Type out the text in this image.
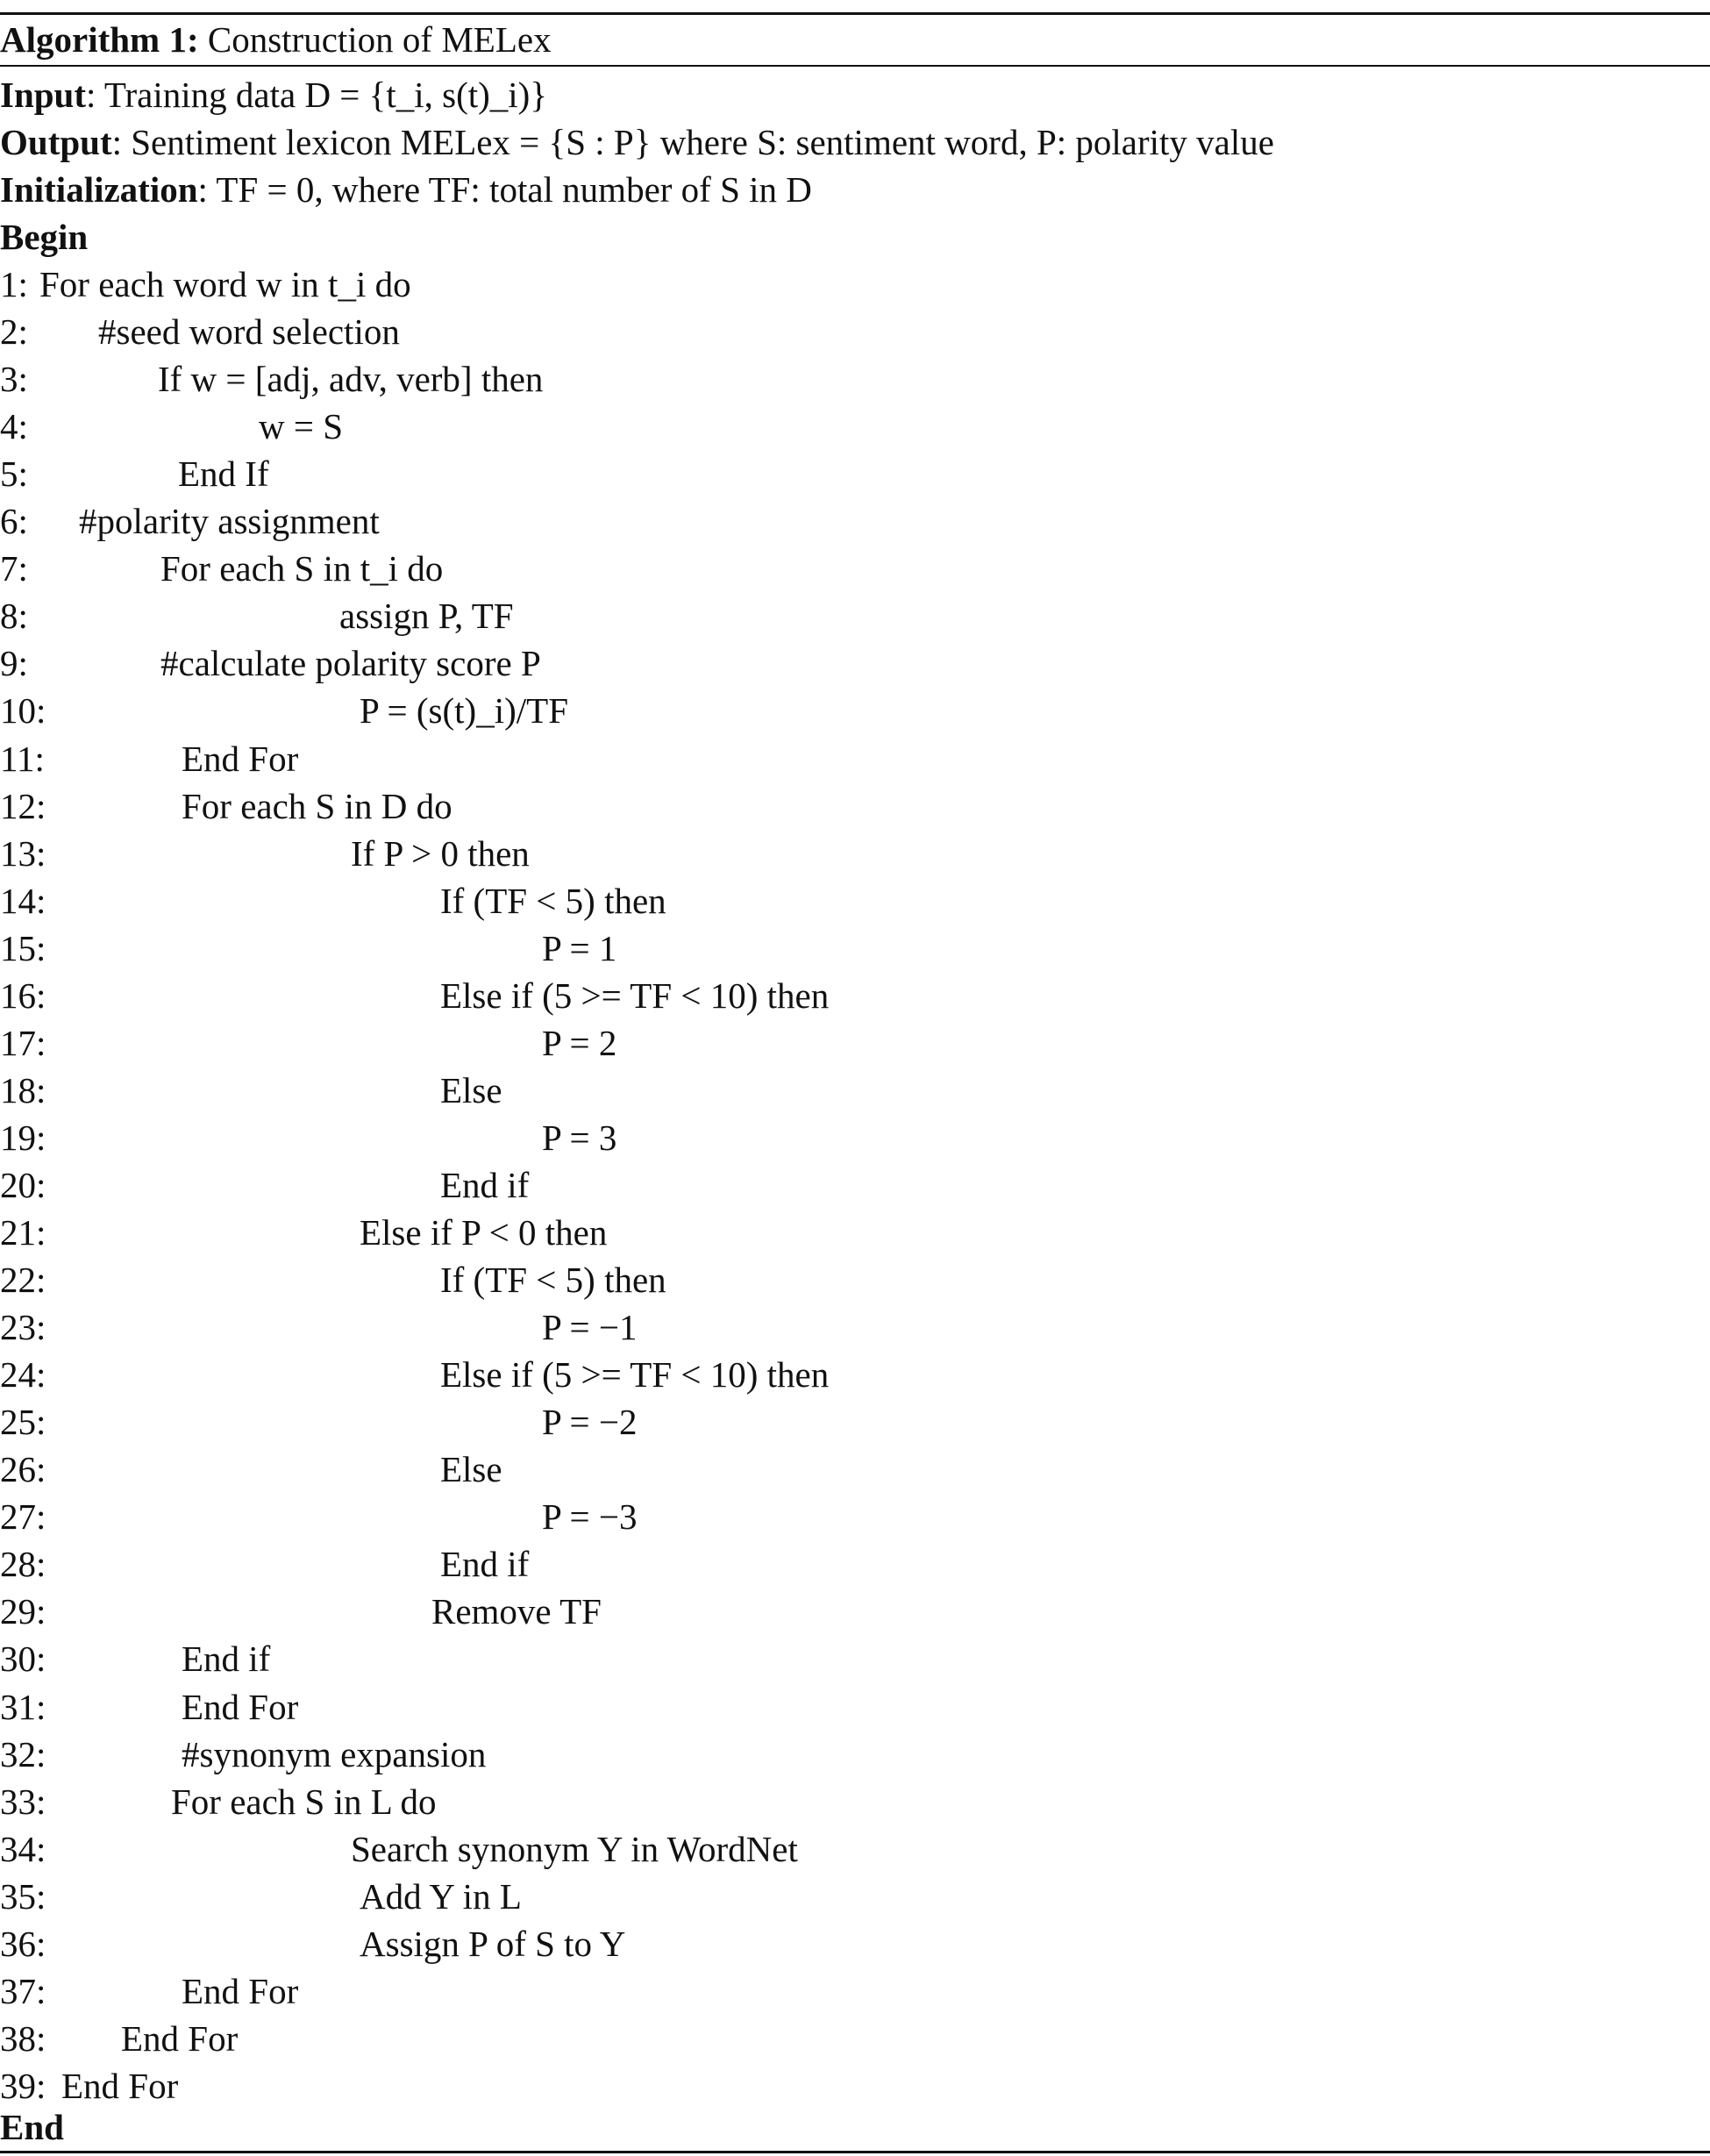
Algorithm 1: Construction of MELex
Input: Training data D = {t_i, s(t)_i)}
Output: Sentiment lexicon MELex = {S : P} where S: sentiment word, P: polarity value
Initialization: TF = 0, where TF: total number of S in D
Begin
1: For each word w in t_i do
2: #seed word selection
3:	If w = [adj, adv, verb] then
4:	w = S
5:	End If
6: #polarity assignment
7:	For each S in t_i do
8:	assign P, TF
9:	#calculate polarity score P
10:	P = (s(t)_i)/TF
11:	End For
12:	For each S in D do
13:	If P > 0 then
14:	If (TF < 5) then
15:	P = 1
16:	Else if (5 >= TF < 10) then
17:	P = 2
18:	Else
19:	P = 3
20:	End if
21:	Else if P < 0 then
22:	If (TF < 5) then
23:	P = −1
24:	Else if (5 >= TF < 10) then
25:	P = −2
26:	Else
27:	P = −3
28:	End if
29:	Remove TF
30:	End if
31:	End For
32:	#synonym expansion
33:	For each S in L do
34:	Search synonym Y in WordNet
35:	Add Y in L
36:	Assign P of S to Y
37:	End For
38: End For
39: End For
End
